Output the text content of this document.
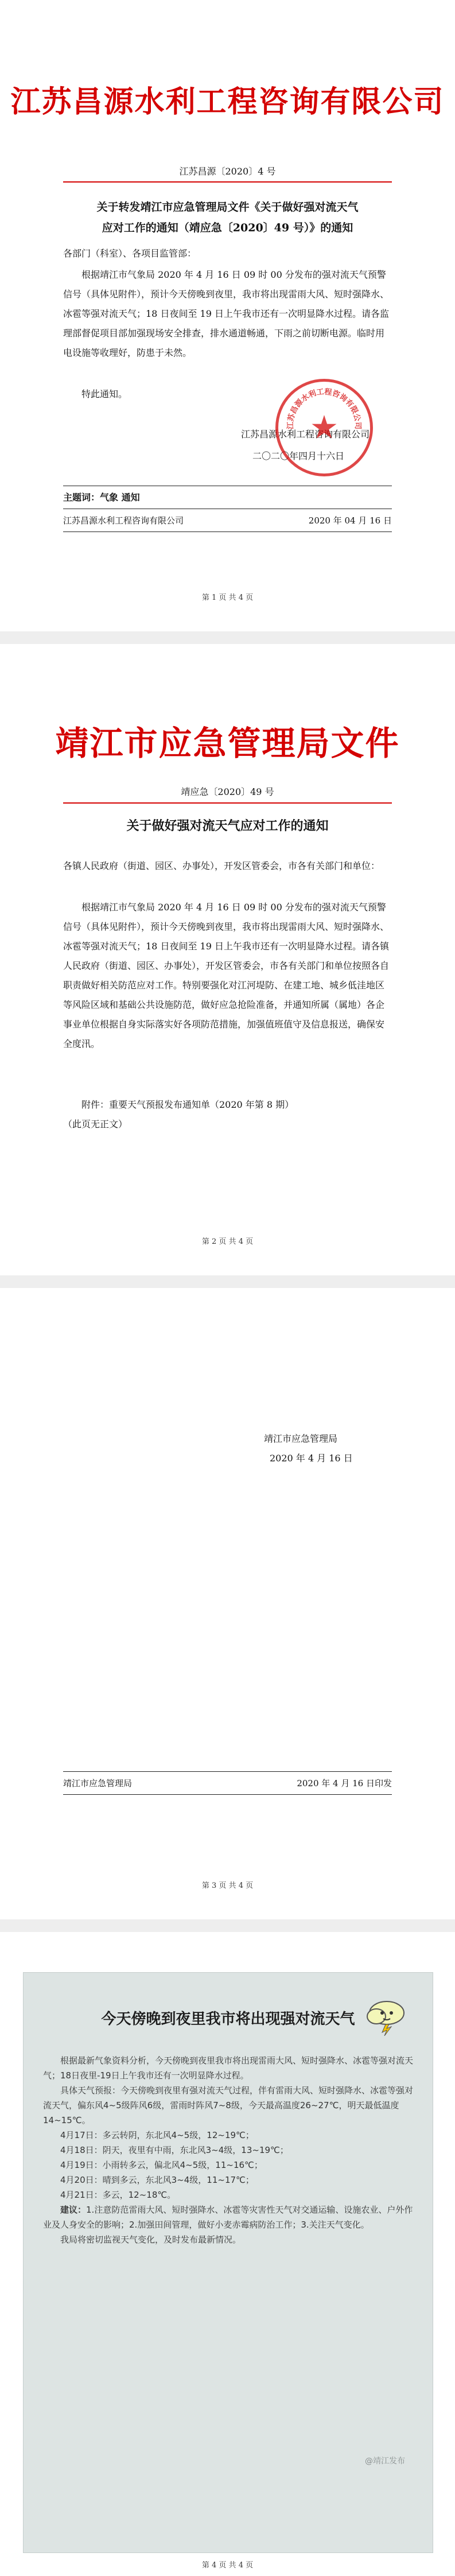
江苏昌源水利工程咨询有限公司
江苏昌源〔2020〕4 号
关于转发靖江市应急管理局文件《关于做好强对流天气
应对工作的通知（靖应急〔2020〕49 号）》的通知
各部门（科室）、各项目监管部：
根据靖江市气象局 2020 年 4 月 16 日 09 时 00 分发布的强对流天气预警信号（具体见附件），预计今天傍晚到夜里，我市将出现雷雨大风、短时强降水、冰雹等强对流天气；18 日夜间至 19 日上午我市还有一次明显降水过程。请各监理部督促项目部加强现场安全排查，排水通道畅通，下雨之前切断电源。临时用电设施等收理好，防患于未然。
特此通知。
江苏昌源水利工程咨询有限公司
二〇二〇年四月十六日
江苏昌源水利工程咨询有限公司
★
主题词：气象 通知
江苏昌源水利工程咨询有限公司	2020 年 04 月 16 日
第 1 页 共 4 页
靖江市应急管理局文件
靖应急〔2020〕49 号
关于做好强对流天气应对工作的通知
各镇人民政府（街道、园区、办事处），开发区管委会，市各有关部门和单位：
根据靖江市气象局 2020 年 4 月 16 日 09 时 00 分发布的强对流天气预警信号（具体见附件），预计今天傍晚到夜里，我市将出现雷雨大风、短时强降水、冰雹等强对流天气；18 日夜间至 19 日上午我市还有一次明显降水过程。请各镇人民政府（街道、园区、办事处），开发区管委会，市各有关部门和单位按照各自职责做好相关防范应对工作。特别要强化对江河堤防、在建工地、城乡低洼地区等风险区域和基础公共设施防范，做好应急抢险准备，并通知所属（属地）各企事业单位根据自身实际落实好各项防范措施，加强值班值守及信息报送，确保安全度汛。
附件：重要天气预报发布通知单（2020 年第 8 期）
（此页无正文）
第 2 页 共 4 页
靖江市应急管理局
2020 年 4 月 16 日
靖江市应急管理局	2020 年 4 月 16 日印发
第 3 页 共 4 页
今天傍晚到夜里我市将出现强对流天气

根据最新气象资料分析，今天傍晚到夜里我市将出现雷雨大风、短时强降水、冰雹等强对流天气；18日夜里-19日上午我市还有一次明显降水过程。

具体天气预报：今天傍晚到夜里有强对流天气过程，伴有雷雨大风、短时强降水、冰雹等强对流天气，偏东风4~5级阵风6级，雷雨时阵风7~8级，今天最高温度26~27℃，明天最低温度14~15℃。

4月17日：多云转阴，东北风4~5级，12~19℃；

4月18日：阴天，夜里有中雨，东北风3~4级，13~19℃；

4月19日：小雨转多云，偏北风4~5级，11~16℃；

4月20日：晴到多云，东北风3~4级，11~17℃；

4月21日：多云，12~18℃。

建议：1.注意防范雷雨大风、短时强降水、冰雹等灾害性天气对交通运输、设施农业、户外作业及人身安全的影响；2.加强田间管理，做好小麦赤霉病防治工作；3.关注天气变化。

我局将密切监视天气变化，及时发布最新情况。

@靖江发布
第 4 页 共 4 页
